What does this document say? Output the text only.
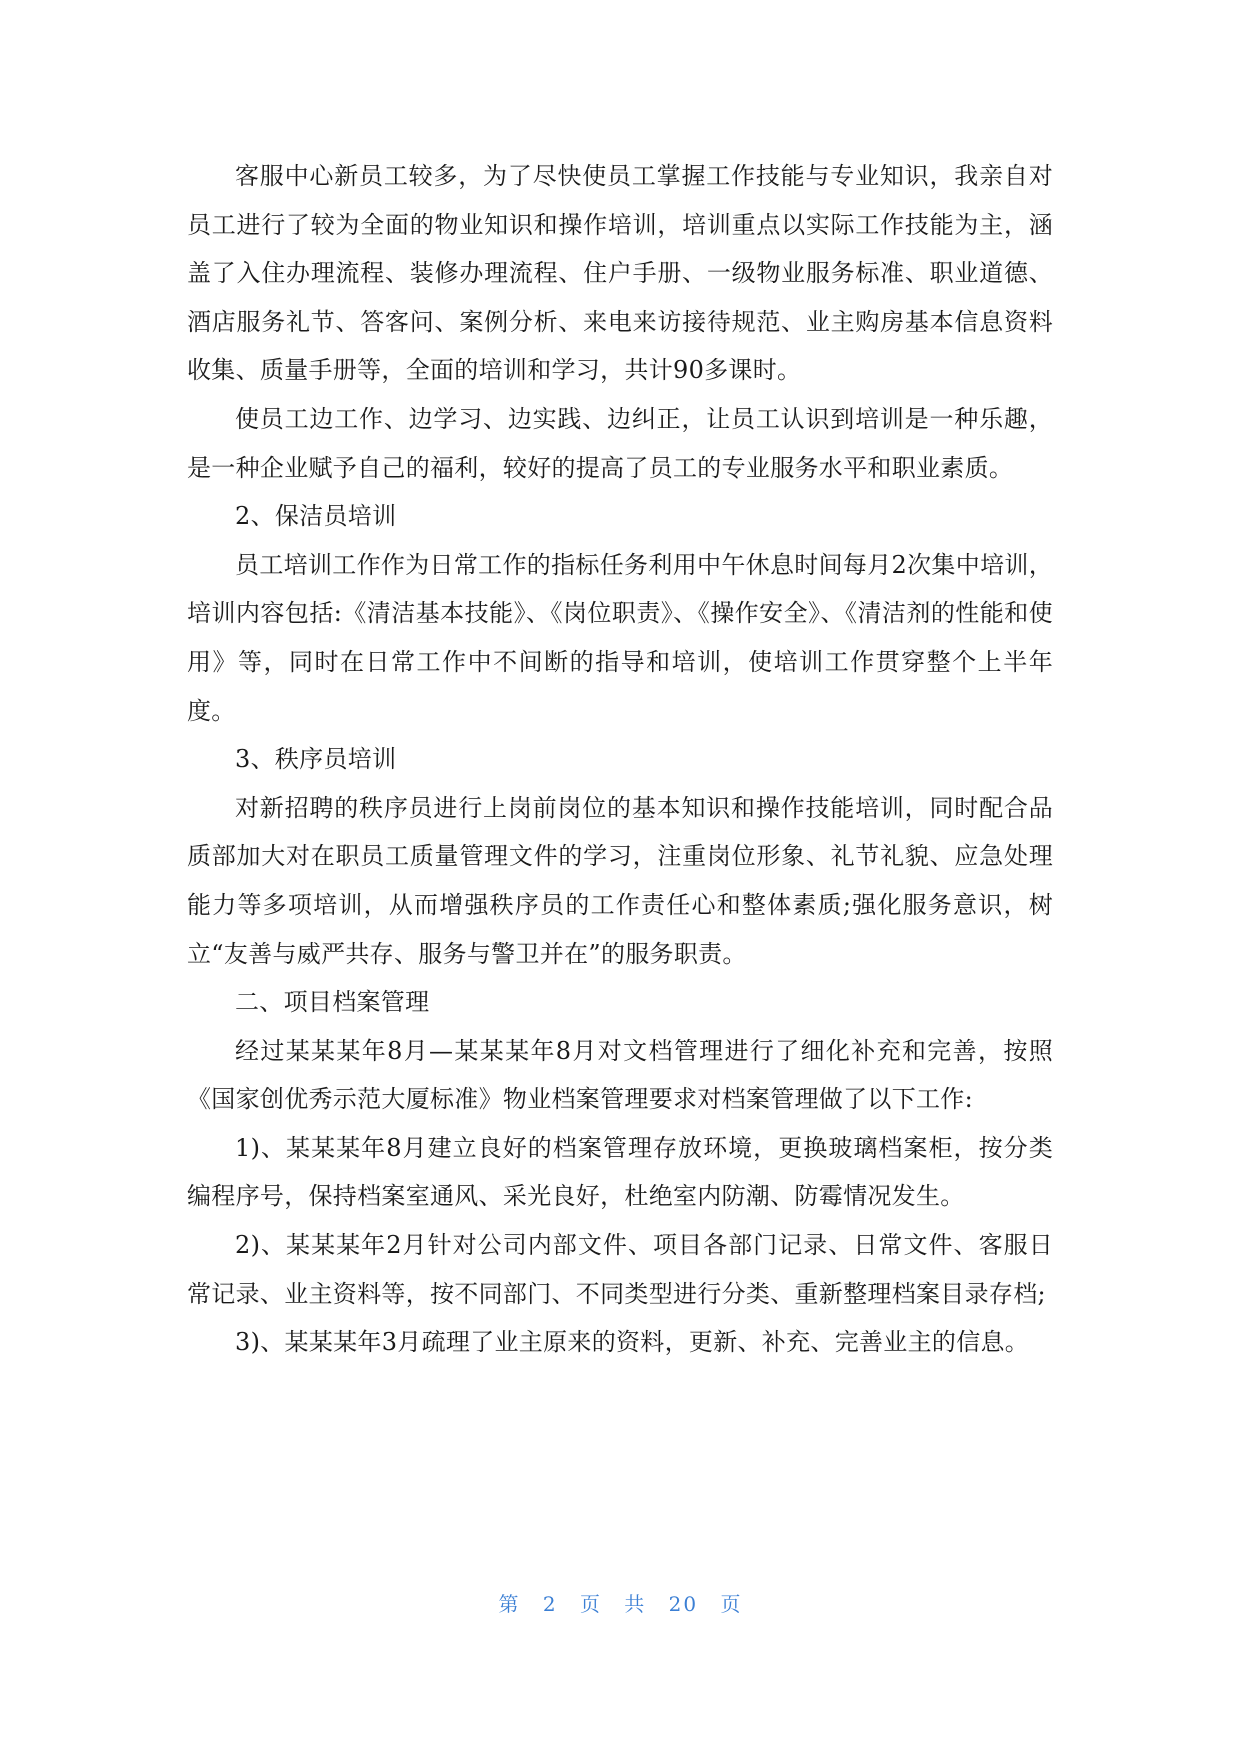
客服中心新员工较多，为了尽快使员工掌握工作技能与专业知识，我亲自对员工进行了较为全面的物业知识和操作培训，培训重点以实际工作技能为主，涵盖了入住办理流程、装修办理流程、住户手册、一级物业服务标准、职业道德、酒店服务礼节、答客问、案例分析、来电来访接待规范、业主购房基本信息资料收集、质量手册等，全面的培训和学习，共计90多课时。

使员工边工作、边学习、边实践、边纠正，让员工认识到培训是一种乐趣，是一种企业赋予自己的福利，较好的提高了员工的专业服务水平和职业素质。

2、保洁员培训

员工培训工作作为日常工作的指标任务利用中午休息时间每月2次集中培训，培训内容包括:《清洁基本技能》、《岗位职责》、《操作安全》、《清洁剂的性能和使用》等，同时在日常工作中不间断的指导和培训，使培训工作贯穿整个上半年度。

3、秩序员培训

对新招聘的秩序员进行上岗前岗位的基本知识和操作技能培训，同时配合品质部加大对在职员工质量管理文件的学习，注重岗位形象、礼节礼貌、应急处理能力等多项培训，从而增强秩序员的工作责任心和整体素质;强化服务意识，树立“友善与威严共存、服务与警卫并在”的服务职责。

二、项目档案管理

经过某某某年8月—某某某年8月对文档管理进行了细化补充和完善，按照《国家创优秀示范大厦标准》物业档案管理要求对档案管理做了以下工作:

1)、某某某年8月建立良好的档案管理存放环境，更换玻璃档案柜，按分类编程序号，保持档案室通风、采光良好，杜绝室内防潮、防霉情况发生。

2)、某某某年2月针对公司内部文件、项目各部门记录、日常文件、客服日常记录、业主资料等，按不同部门、不同类型进行分类、重新整理档案目录存档;

3)、某某某年3月疏理了业主原来的资料，更新、补充、完善业主的信息。

第 2 页 共 20 页
